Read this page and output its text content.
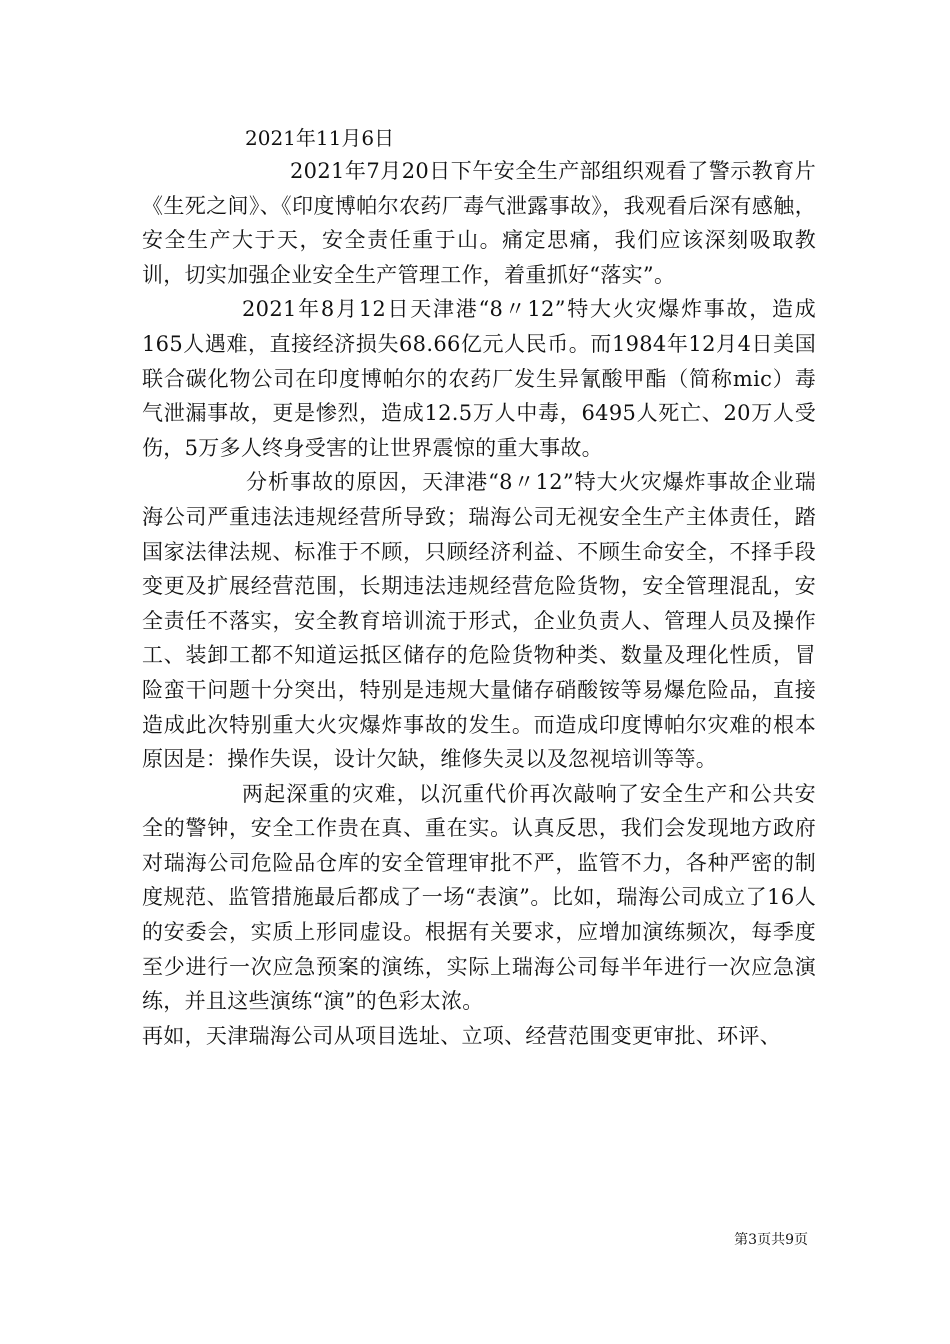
2021年11月6日

2021年7月20日下午安全生产部组织观看了警示教育片《生死之间》、《印度博帕尔农药厂毒气泄露事故》，我观看后深有感触，安全生产大于天，安全责任重于山。痛定思痛，我们应该深刻吸取教训，切实加强企业安全生产管理工作，着重抓好“落实”。

2021年8月12日天津港“8〃12”特大火灾爆炸事故，造成165人遇难，直接经济损失68.66亿元人民币。而1984年12月4日美国联合碳化物公司在印度博帕尔的农药厂发生异氰酸甲酯（简称mic）毒气泄漏事故，更是惨烈，造成12.5万人中毒，6495人死亡、20万人受伤，5万多人终身受害的让世界震惊的重大事故。

分析事故的原因，天津港“8〃12”特大火灾爆炸事故企业瑞海公司严重违法违规经营所导致；瑞海公司无视安全生产主体责任，踏国家法律法规、标准于不顾，只顾经济利益、不顾生命安全，不择手段变更及扩展经营范围，长期违法违规经营危险货物，安全管理混乱，安全责任不落实，安全教育培训流于形式，企业负责人、管理人员及操作工、装卸工都不知道运抵区储存的危险货物种类、数量及理化性质，冒险蛮干问题十分突出，特别是违规大量储存硝酸铵等易爆危险品，直接造成此次特别重大火灾爆炸事故的发生。而造成印度博帕尔灾难的根本原因是：操作失误，设计欠缺，维修失灵以及忽视培训等等。

两起深重的灾难，以沉重代价再次敲响了安全生产和公共安全的警钟，安全工作贵在真、重在实。认真反思，我们会发现地方政府对瑞海公司危险品仓库的安全管理审批不严，监管不力，各种严密的制度规范、监管措施最后都成了一场“表演”。比如，瑞海公司成立了16人的安委会，实质上形同虚设。根据有关要求，应增加演练频次，每季度至少进行一次应急预案的演练，实际上瑞海公司每半年进行一次应急演练，并且这些演练“演”的色彩太浓。

再如，天津瑞海公司从项目选址、立项、经营范围变更审批、环评、

第3页共9页
